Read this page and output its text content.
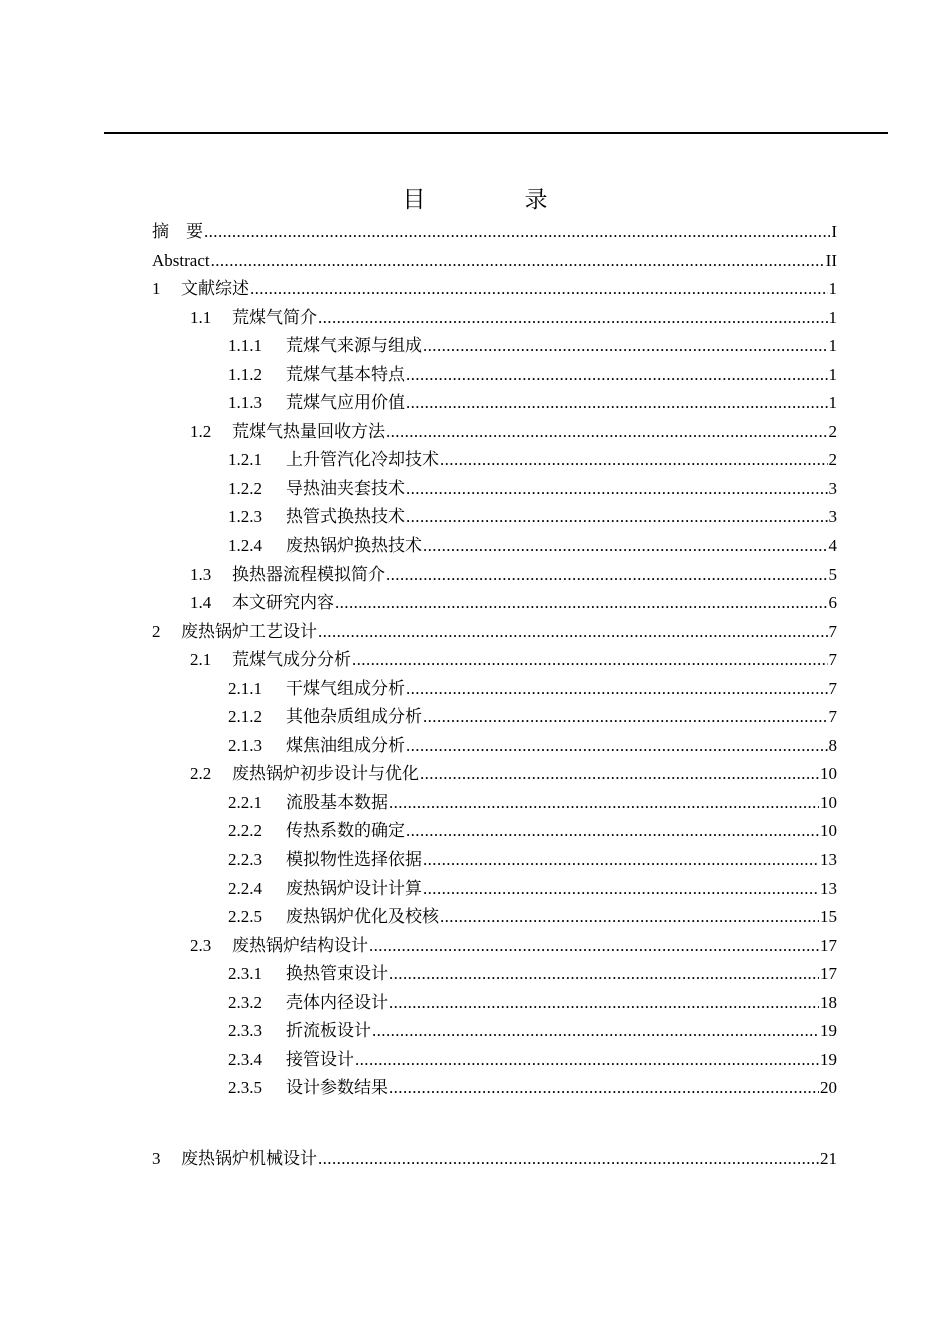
目　录
摘　要 .....	I
Abstract .....	II
1	文献综述 .....	1
1.1	荒煤气简介 .....	1
1.1.1	荒煤气来源与组成 .....	1
1.1.2	荒煤气基本特点 .....	1
1.1.3	荒煤气应用价值 .....	1
1.2	荒煤气热量回收方法 .....	2
1.2.1	上升管汽化冷却技术 .....	2
1.2.2	导热油夹套技术 .....	3
1.2.3	热管式换热技术 .....	3
1.2.4	废热锅炉换热技术 .....	4
1.3	换热器流程模拟简介 .....	5
1.4	本文研究内容 .....	6
2	废热锅炉工艺设计 .....	7
2.1	荒煤气成分分析 .....	7
2.1.1	干煤气组成分析 .....	7
2.1.2	其他杂质组成分析 .....	7
2.1.3	煤焦油组成分析 .....	8
2.2	废热锅炉初步设计与优化 .....	10
2.2.1	流股基本数据 .....	10
2.2.2	传热系数的确定 .....	10
2.2.3	模拟物性选择依据 .....	13
2.2.4	废热锅炉设计计算 .....	13
2.2.5	废热锅炉优化及校核 .....	15
2.3	废热锅炉结构设计 .....	17
2.3.1	换热管束设计 .....	17
2.3.2	壳体内径设计 .....	18
2.3.3	折流板设计 .....	19
2.3.4	接管设计 .....	19
2.3.5	设计参数结果 .....	20
3	废热锅炉机械设计 .....	21
